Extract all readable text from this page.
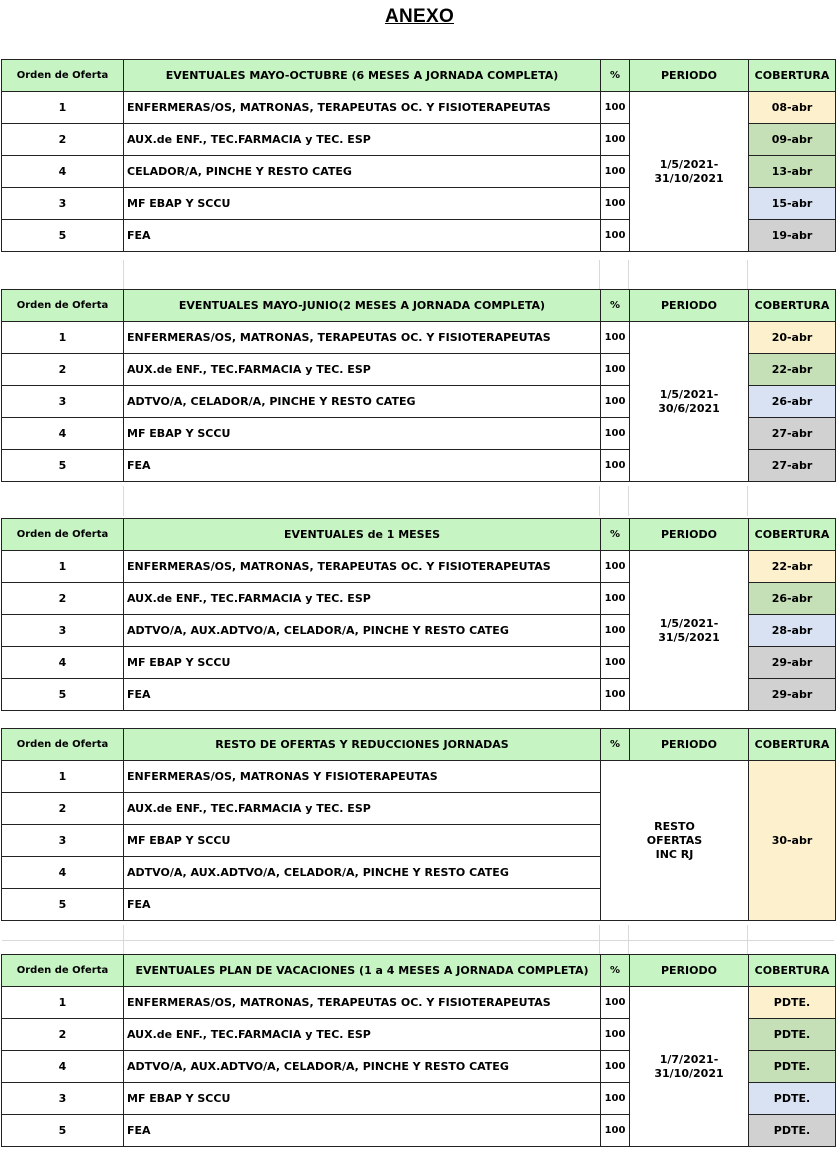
ANEXO
Orden de Oferta	EVENTUALES MAYO-OCTUBRE (6 MESES A JORNADA COMPLETA)	%	PERIODO	COBERTURA
1	ENFERMERAS/OS, MATRONAS, TERAPEUTAS OC. Y FISIOTERAPEUTAS	100	1/5/2021-31/10/2021	08-abr
2	AUX.de ENF., TEC.FARMACIA y TEC. ESP	100		09-abr
4	CELADOR/A, PINCHE Y RESTO CATEG	100		13-abr
3	MF EBAP Y SCCU	100		15-abr
5	FEA	100		19-abr
Orden de Oferta	EVENTUALES MAYO-JUNIO(2 MESES A JORNADA COMPLETA)	%	PERIODO	COBERTURA
1	ENFERMERAS/OS, MATRONAS, TERAPEUTAS OC. Y FISIOTERAPEUTAS	100	1/5/2021-30/6/2021	20-abr
2	AUX.de ENF., TEC.FARMACIA y TEC. ESP	100		22-abr
3	ADTVO/A, CELADOR/A, PINCHE Y RESTO CATEG	100		26-abr
4	MF EBAP Y SCCU	100		27-abr
5	FEA	100		27-abr
Orden de Oferta	EVENTUALES de 1 MESES	%	PERIODO	COBERTURA
1	ENFERMERAS/OS, MATRONAS, TERAPEUTAS OC. Y FISIOTERAPEUTAS	100	1/5/2021-31/5/2021	22-abr
2	AUX.de ENF., TEC.FARMACIA y TEC. ESP	100		26-abr
3	ADTVO/A, AUX.ADTVO/A, CELADOR/A, PINCHE Y RESTO CATEG	100		28-abr
4	MF EBAP Y SCCU	100		29-abr
5	FEA	100		29-abr
Orden de Oferta	RESTO DE OFERTAS Y REDUCCIONES JORNADAS	%	PERIODO	COBERTURA
1	ENFERMERAS/OS, MATRONAS Y FISIOTERAPEUTAS	RESTO OFERTAS INC RJ		30-abr
2	AUX.de ENF., TEC.FARMACIA y TEC. ESP			
3	MF EBAP Y SCCU			
4	ADTVO/A, AUX.ADTVO/A, CELADOR/A, PINCHE Y RESTO CATEG			
5	FEA			
Orden de Oferta	EVENTUALES PLAN DE VACACIONES (1 a 4 MESES A JORNADA COMPLETA)	%	PERIODO	COBERTURA
1	ENFERMERAS/OS, MATRONAS, TERAPEUTAS OC. Y FISIOTERAPEUTAS	100	1/7/2021-31/10/2021	PDTE.
2	AUX.de ENF., TEC.FARMACIA y TEC. ESP	100		PDTE.
4	ADTVO/A, AUX.ADTVO/A, CELADOR/A, PINCHE Y RESTO CATEG	100		PDTE.
3	MF EBAP Y SCCU	100		PDTE.
5	FEA	100		PDTE.
